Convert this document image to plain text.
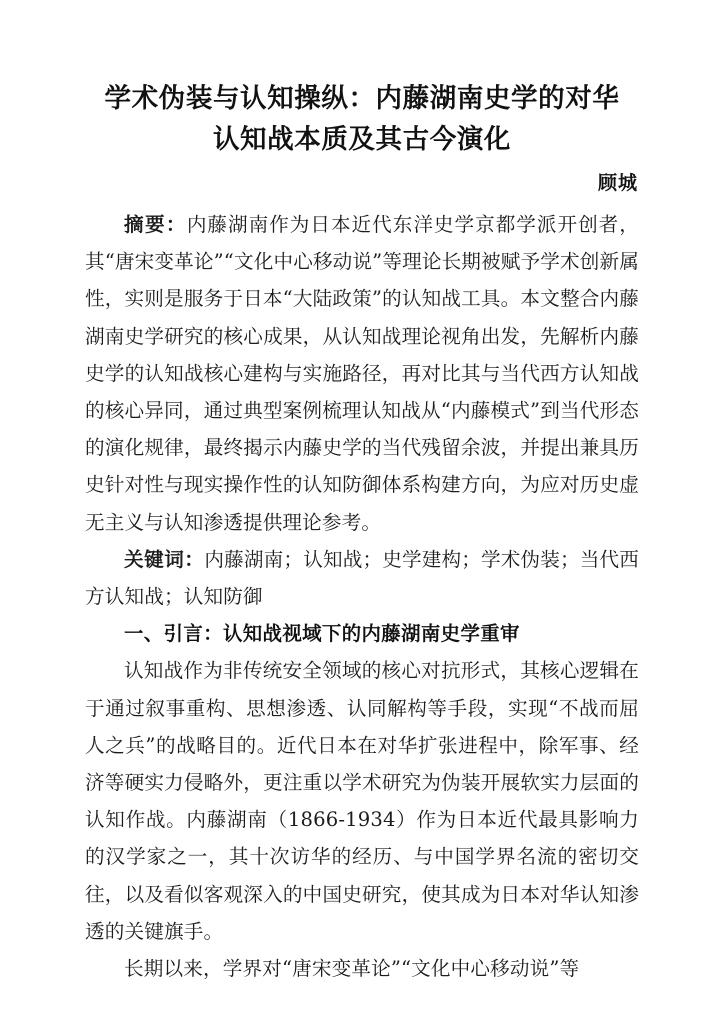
学术伪装与认知操纵：内藤湖南史学的对华
认知战本质及其古今演化
顾城

摘要：内藤湖南作为日本近代东洋史学京都学派开创者，其“唐宋变革论”“文化中心移动说”等理论长期被赋予学术创新属性，实则是服务于日本“大陆政策”的认知战工具。本文整合内藤湖南史学研究的核心成果，从认知战理论视角出发，先解析内藤史学的认知战核心建构与实施路径，再对比其与当代西方认知战的核心异同，通过典型案例梳理认知战从“内藤模式”到当代形态的演化规律，最终揭示内藤史学的当代残留余波，并提出兼具历史针对性与现实操作性的认知防御体系构建方向，为应对历史虚无主义与认知渗透提供理论参考。

关键词：内藤湖南；认知战；史学建构；学术伪装；当代西方认知战；认知防御

一、引言：认知战视域下的内藤湖南史学重审

认知战作为非传统安全领域的核心对抗形式，其核心逻辑在于通过叙事重构、思想渗透、认同解构等手段，实现“不战而屈人之兵”的战略目的。近代日本在对华扩张进程中，除军事、经济等硬实力侵略外，更注重以学术研究为伪装开展软实力层面的认知作战。内藤湖南（1866-1934）作为日本近代最具影响力的汉学家之一，其十次访华的经历、与中国学界名流的密切交往，以及看似客观深入的中国史研究，使其成为日本对华认知渗透的关键旗手。

长期以来，学界对“唐宋变革论”“文化中心移动说”等
